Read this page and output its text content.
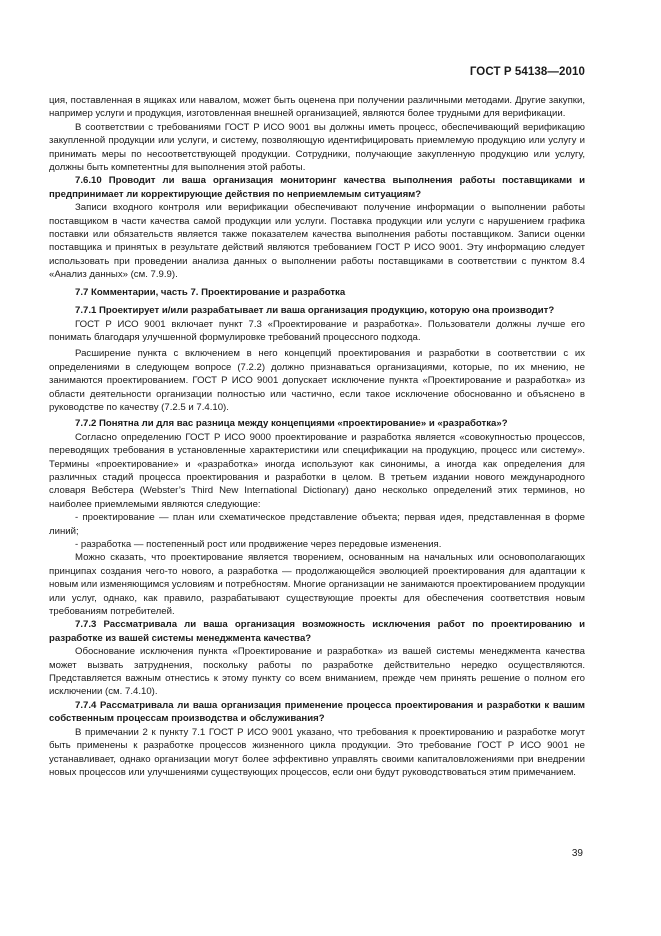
ГОСТ Р 54138—2010

ция, поставленная в ящиках или навалом, может быть оценена при получении различными методами. Другие закупки, например услуги и продукция, изготовленная внешней организацией, являются более трудными для верификации.

В соответствии с требованиями ГОСТ Р ИСО 9001 вы должны иметь процесс, обеспечивающий верификацию закупленной продукции или услуги, и систему, позволяющую идентифицировать приемлемую продукцию или услугу и принимать меры по несоответствующей продукции. Сотрудники, получающие закупленную продукцию или услугу, должны быть компетентны для выполнения этой работы.

7.6.10 Проводит ли ваша организация мониторинг качества выполнения работы поставщиками и предпринимает ли корректирующие действия по неприемлемым ситуациям?

Записи входного контроля или верификации обеспечивают получение информации о выполнении работы поставщиком в части качества самой продукции или услуги. Поставка продукции или услуги с нарушением графика поставки или обязательств является также показателем качества выполнения работы поставщиком. Записи оценки поставщика и принятых в результате действий являются требованием ГОСТ Р ИСО 9001. Эту информацию следует использовать при проведении анализа данных о выполнении работы поставщиками в соответствии с пунктом 8.4 «Анализ данных» (см. 7.9.9).

7.7 Комментарии, часть 7. Проектирование и разработка

7.7.1 Проектирует и/или разрабатывает ли ваша организация продукцию, которую она производит?

ГОСТ Р ИСО 9001 включает пункт 7.3 «Проектирование и разработка». Пользователи должны лучше его понимать благодаря улучшенной формулировке требований процессного подхода.

Расширение пункта с включением в него концепций проектирования и разработки в соответствии с их определениями в следующем вопросе (7.2.2) должно признаваться организациями, которые, по их мнению, не занимаются проектированием. ГОСТ Р ИСО 9001 допускает исключение пункта «Проектирование и разработка» из области деятельности организации полностью или частично, если такое исключение обоснованно и объяснено в руководстве по качеству (7.2.5 и 7.4.10).

7.7.2 Понятна ли для вас разница между концепциями «проектирование» и «разработка»?

Согласно определению ГОСТ Р ИСО 9000 проектирование и разработка является «совокупностью процессов, переводящих требования в установленные характеристики или спецификации на продукцию, процесс или систему». Термины «проектирование» и «разработка» иногда используют как синонимы, а иногда как определения для различных стадий процесса проектирования и разработки в целом. В третьем издании нового международного словаря Вебстера (Webster’s Third New International Dictionary) дано несколько определений этих терминов, но наиболее приемлемыми являются следующие:

- проектирование — план или схематическое представление объекта; первая идея, представленная в форме линий;

- разработка — постепенный рост или продвижение через передовые изменения.

Можно сказать, что проектирование является творением, основанным на начальных или основополагающих принципах создания чего-то нового, а разработка — продолжающейся эволюцией проектирования для адаптации к новым или изменяющимся условиям и потребностям. Многие организации не занимаются проектированием продукции или услуг, однако, как правило, разрабатывают существующие проекты для обеспечения соответствия новым требованиям потребителей.

7.7.3 Рассматривала ли ваша организация возможность исключения работ по проектированию и разработке из вашей системы менеджмента качества?

Обоснование исключения пункта «Проектирование и разработка» из вашей системы менеджмента качества может вызвать затруднения, поскольку работы по разработке действительно нередко осуществляются. Представляется важным отнестись к этому пункту со всем вниманием, прежде чем принять решение о полном его исключении (см. 7.4.10).

7.7.4 Рассматривала ли ваша организация применение процесса проектирования и разработки к вашим собственным процессам производства и обслуживания?

В примечании 2 к пункту 7.1 ГОСТ Р ИСО 9001 указано, что требования к проектированию и разработке могут быть применены к разработке процессов жизненного цикла продукции. Это требование ГОСТ Р ИСО 9001 не устанавливает, однако организации могут более эффективно управлять своими капиталовложениями при внедрении новых процессов или улучшениями существующих процессов, если они будут руководствоваться этим примечанием.

39
